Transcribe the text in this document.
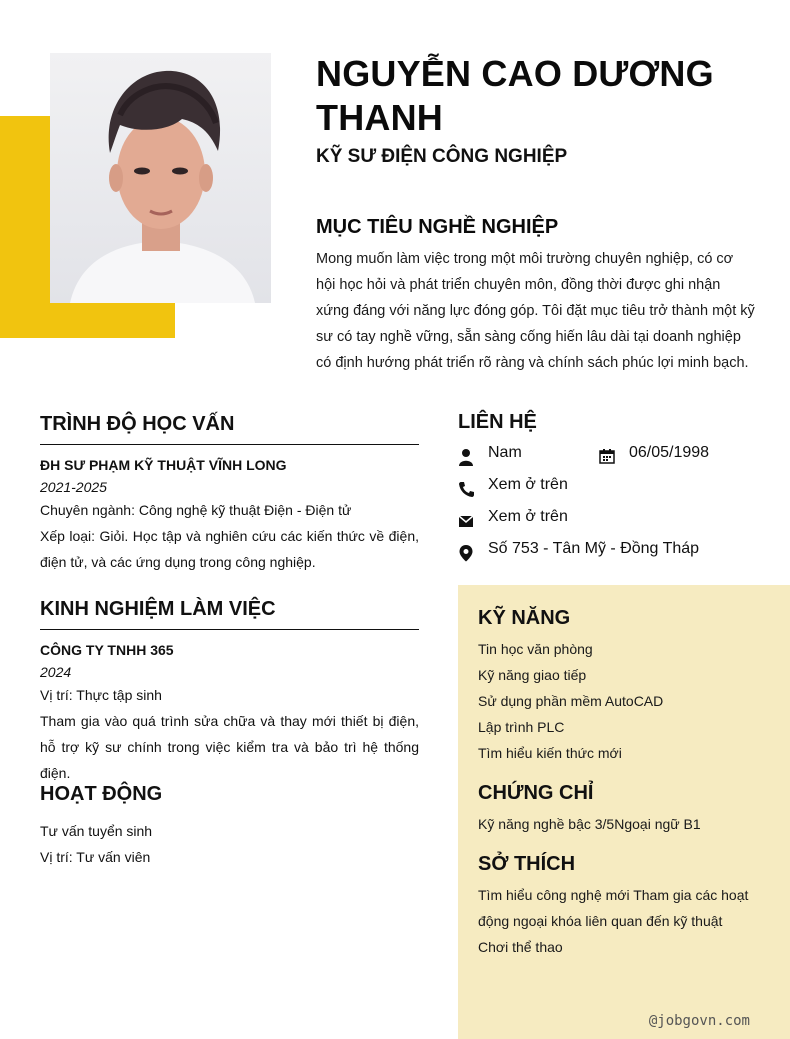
NGUYỄN CAO DƯƠNG THANH
KỸ SƯ ĐIỆN CÔNG NGHIỆP
MỤC TIÊU NGHỀ NGHIỆP
Mong muốn làm việc trong một môi trường chuyên nghiệp, có cơ hội học hỏi và phát triển chuyên môn, đồng thời được ghi nhận xứng đáng với năng lực đóng góp. Tôi đặt mục tiêu trở thành một kỹ sư có tay nghề vững, sẵn sàng cống hiến lâu dài tại doanh nghiệp có định hướng phát triển rõ ràng và chính sách phúc lợi minh bạch.
TRÌNH ĐỘ HỌC VẤN
ĐH SƯ PHẠM KỸ THUẬT VĨNH LONG
2021-2025
Chuyên ngành: Công nghệ kỹ thuật Điện - Điện tử
Xếp loại: Giỏi. Học tập và nghiên cứu các kiến thức về điện, điện tử, và các ứng dụng trong công nghiệp.
KINH NGHIỆM LÀM VIỆC
CÔNG TY TNHH 365
2024
Vị trí: Thực tập sinh
Tham gia vào quá trình sửa chữa và thay mới thiết bị điện, hỗ trợ kỹ sư chính trong việc kiểm tra và bảo trì hệ thống điện.
HOẠT ĐỘNG
Tư vấn tuyển sinh
Vị trí: Tư vấn viên
LIÊN HỆ
Nam	06/05/1998
Xem ở trên
Xem ở trên
Số 753 - Tân Mỹ - Đồng Tháp
KỸ NĂNG
Tin học văn phòng
Kỹ năng giao tiếp
Sử dụng phần mềm AutoCAD
Lập trình PLC
Tìm hiểu kiến thức mới
CHỨNG CHỈ
Kỹ năng nghề bậc 3/5Ngoại ngữ B1
SỞ THÍCH
Tìm hiểu công nghệ mới Tham gia các hoạt động ngoại khóa liên quan đến kỹ thuật
Chơi thể thao
@jobgovn.com
